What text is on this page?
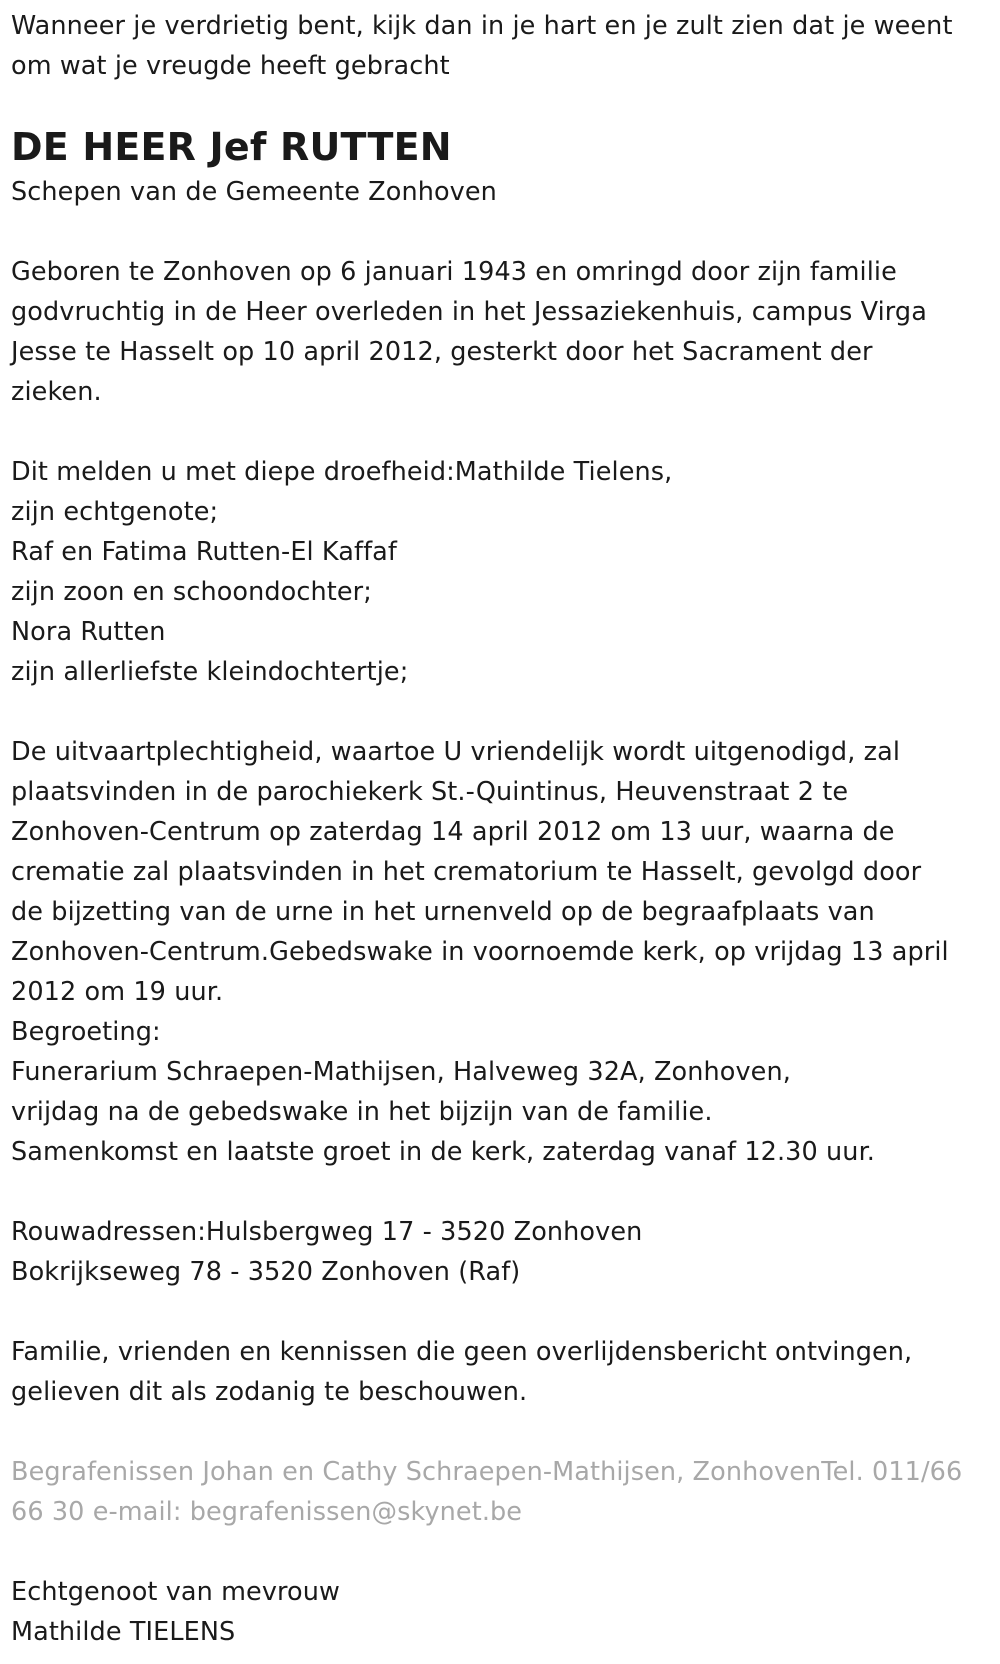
Wanneer je verdrietig bent, kijk dan in je hart en je zult zien dat je weent
om wat je vreugde heeft gebracht
DE HEER Jef RUTTEN
Schepen van de Gemeente Zonhoven
Geboren te Zonhoven op 6 januari 1943 en omringd door zijn familie
godvruchtig in de Heer overleden in het Jessaziekenhuis, campus Virga
Jesse te Hasselt op 10 april 2012, gesterkt door het Sacrament der
zieken.
Dit melden u met diepe droefheid:Mathilde Tielens,
zijn echtgenote;
Raf en Fatima Rutten-El Kaffaf
zijn zoon en schoondochter;
Nora Rutten
zijn allerliefste kleindochtertje;
De uitvaartplechtigheid, waartoe U vriendelijk wordt uitgenodigd, zal
plaatsvinden in de parochiekerk St.-Quintinus, Heuvenstraat 2 te
Zonhoven-Centrum op zaterdag 14 april 2012 om 13 uur, waarna de
crematie zal plaatsvinden in het crematorium te Hasselt, gevolgd door
de bijzetting van de urne in het urnenveld op de begraafplaats van
Zonhoven-Centrum.Gebedswake in voornoemde kerk, op vrijdag 13 april
2012 om 19 uur.
Begroeting:
Funerarium Schraepen-Mathijsen, Halveweg 32A, Zonhoven,
vrijdag na de gebedswake in het bijzijn van de familie.
Samenkomst en laatste groet in de kerk, zaterdag vanaf 12.30 uur.
Rouwadressen:Hulsbergweg 17 - 3520 Zonhoven
Bokrijkseweg 78 - 3520 Zonhoven (Raf)
Familie, vrienden en kennissen die geen overlijdensbericht ontvingen,
gelieven dit als zodanig te beschouwen.
Begrafenissen Johan en Cathy Schraepen-Mathijsen, ZonhovenTel. 011/66
66 30 e-mail: begrafenissen@skynet.be
Echtgenoot van mevrouw
Mathilde TIELENS
